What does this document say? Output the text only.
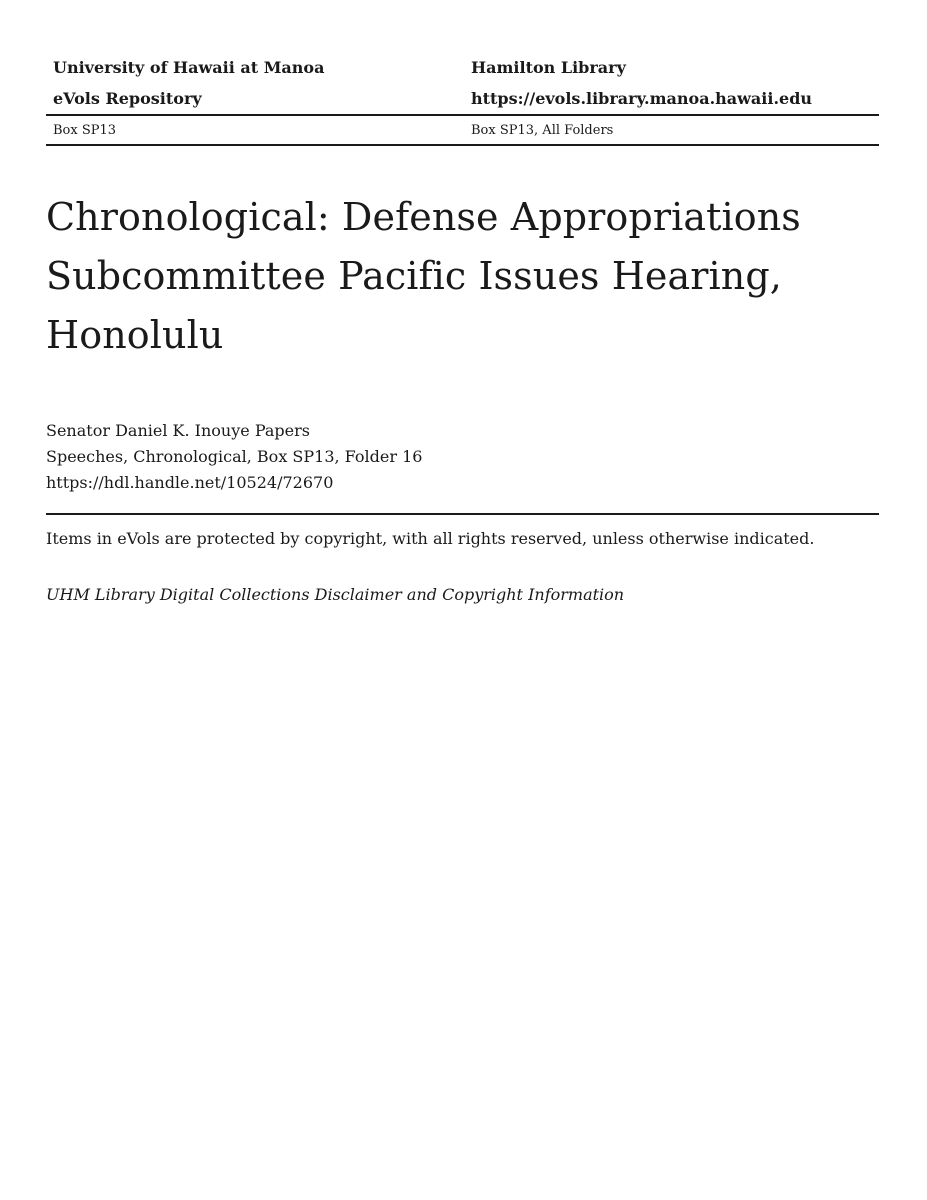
University of Hawaii at Manoa	Hamilton Library
eVols Repository	https://evols.library.manoa.hawaii.edu
Box SP13	Box SP13, All Folders
Chronological: Defense Appropriations Subcommittee Pacific Issues Hearing, Honolulu
Senator Daniel K. Inouye Papers
Speeches, Chronological, Box SP13, Folder 16
https://hdl.handle.net/10524/72670
Items in eVols are protected by copyright, with all rights reserved, unless otherwise indicated.
UHM Library Digital Collections Disclaimer and Copyright Information
